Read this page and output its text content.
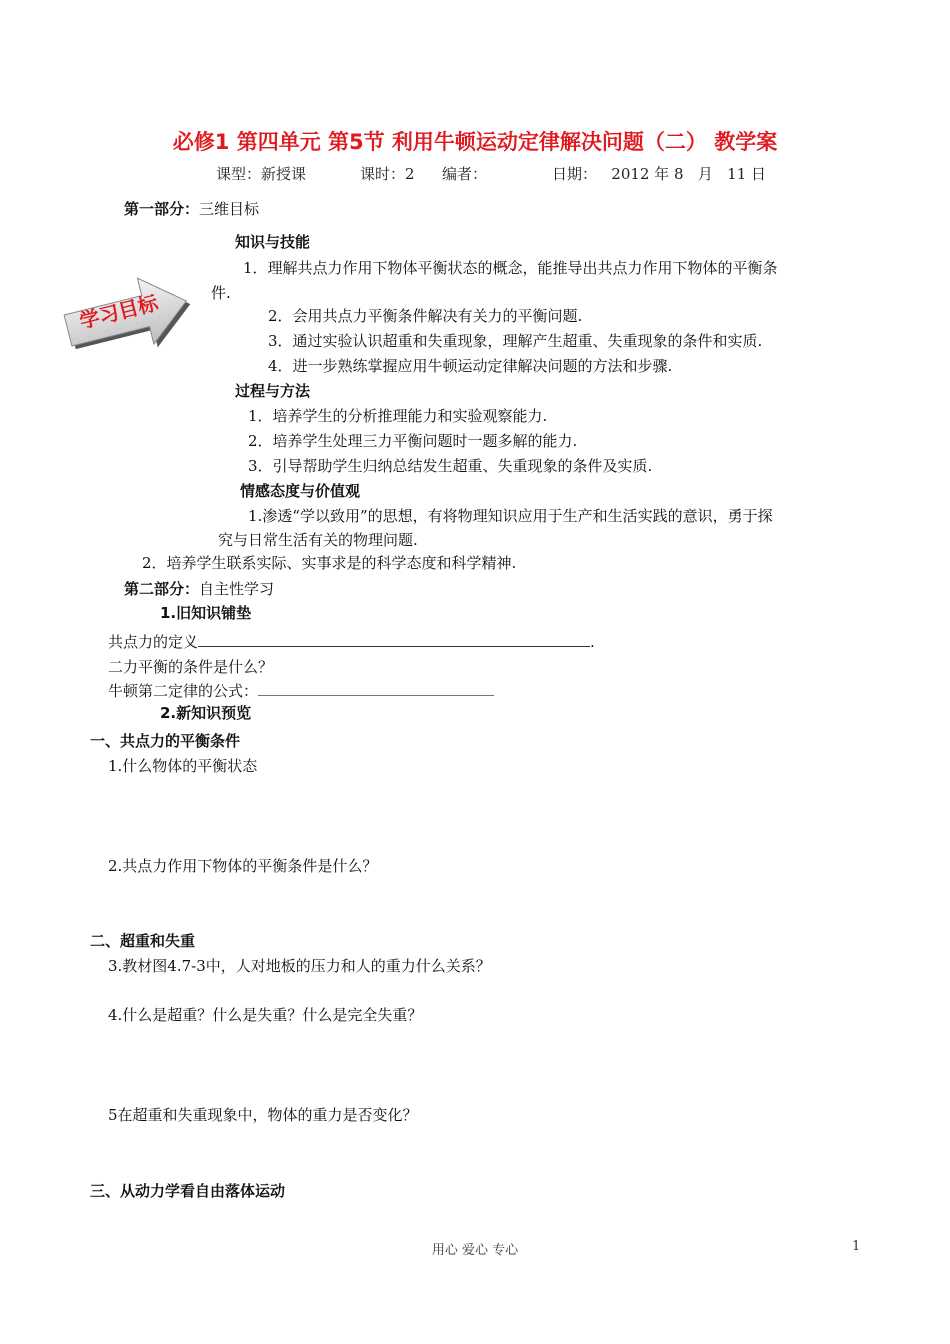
必修1 第四单元 第5节 利用牛顿运动定律解决问题（二） 教学案
课型：新授课	课时：2 编者：	日期：   2012 年 8   月   11 日
第一部分：三维目标
学习目标
知识与技能
1．理解共点力作用下物体平衡状态的概念，能推导出共点力作用下物体的平衡条
件.
2．会用共点力平衡条件解决有关力的平衡问题.
3．通过实验认识超重和失重现象，理解产生超重、失重现象的条件和实质.
4．进一步熟练掌握应用牛顿运动定律解决问题的方法和步骤.
过程与方法
1．培养学生的分析推理能力和实验观察能力.
2．培养学生处理三力平衡问题时一题多解的能力.
3．引导帮助学生归纳总结发生超重、失重现象的条件及实质.
情感态度与价值观
1.渗透“学以致用”的思想，有将物理知识应用于生产和生活实践的意识，勇于探
究与日常生活有关的物理问题.
2．培养学生联系实际、实事求是的科学态度和科学精神.
第二部分：自主性学习
1.旧知识铺垫
共点力的定义	.
二力平衡的条件是什么？
牛顿第二定律的公式：
2.新知识预览
一、共点力的平衡条件
1.什么物体的平衡状态
2.共点力作用下物体的平衡条件是什么？
二、超重和失重
3.教材图4.7-3中，人对地板的压力和人的重力什么关系？
4.什么是超重？什么是失重？什么是完全失重？
5在超重和失重现象中，物体的重力是否变化？
三、从动力学看自由落体运动
用心 爱心 专心	1
